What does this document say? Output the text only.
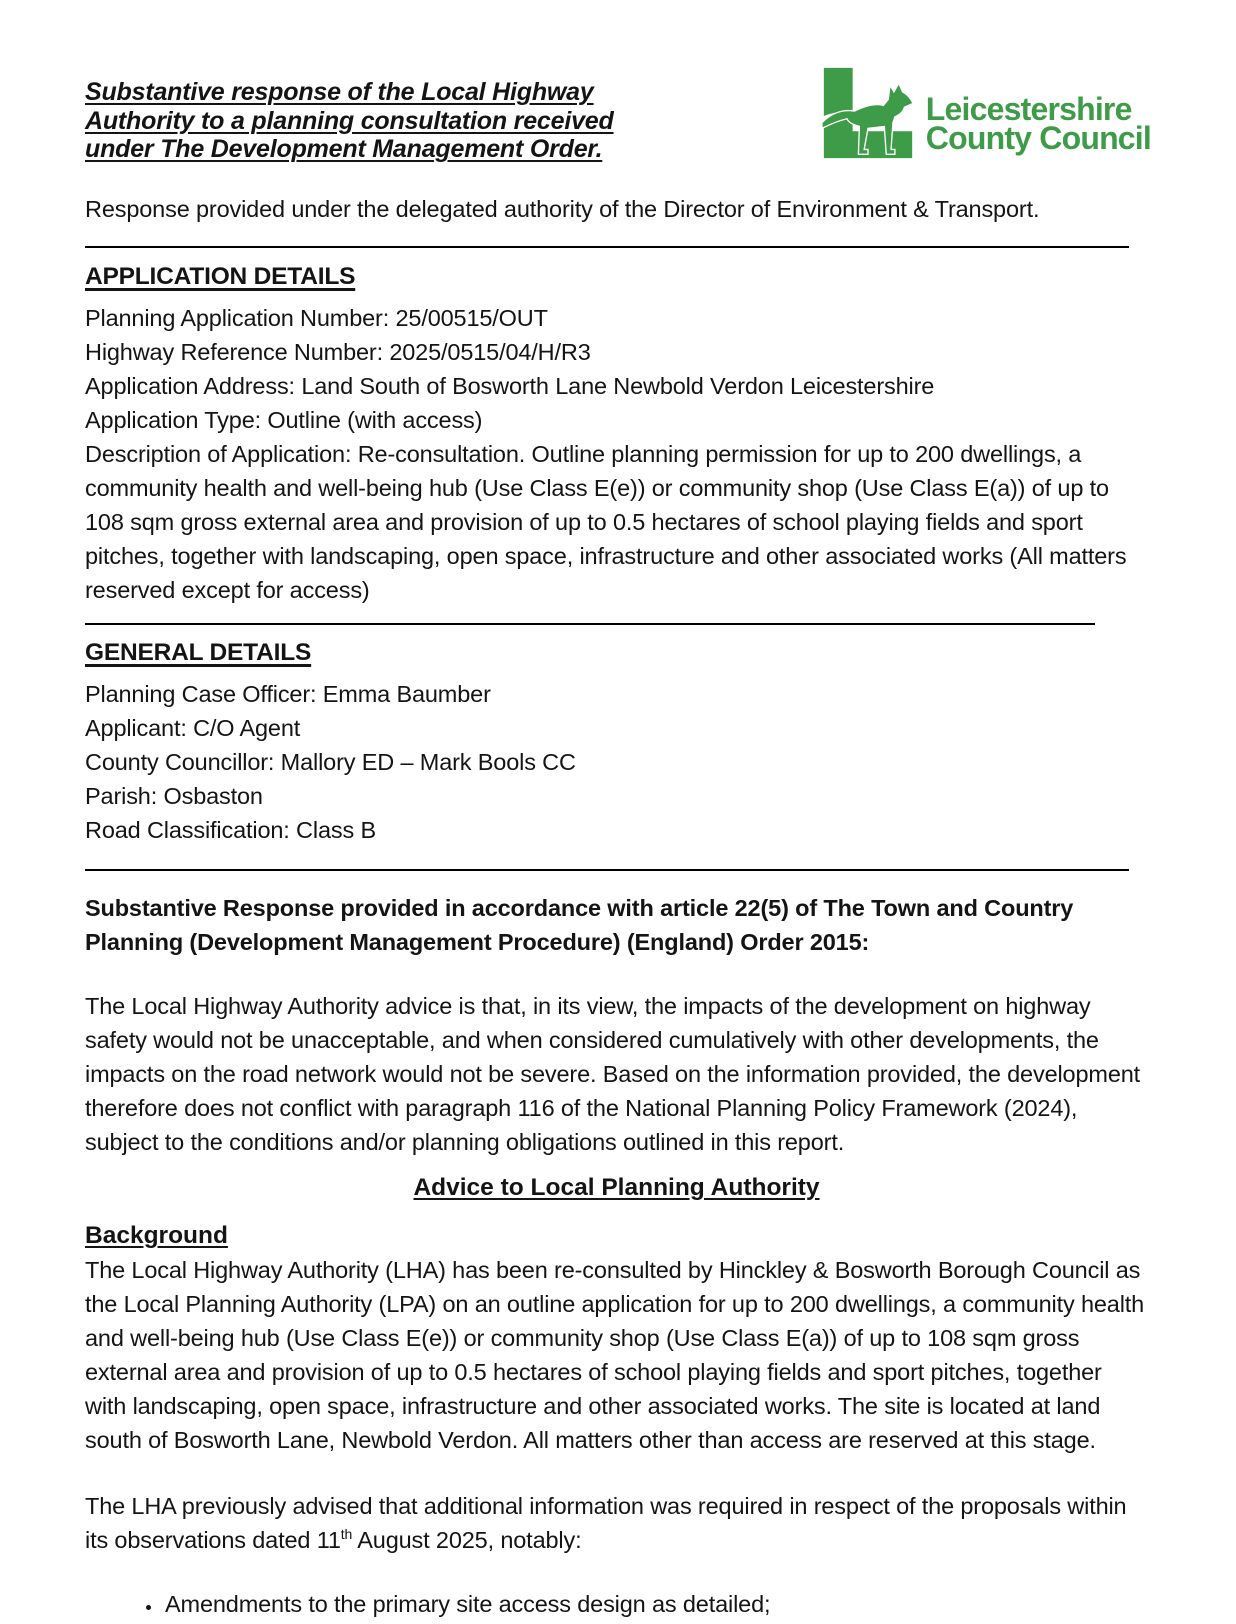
Substantive response of the Local Highway
Authority to a planning consultation received
under The Development Management Order.
Leicestershire
County Council

Response provided under the delegated authority of the Director of Environment & Transport.

APPLICATION DETAILS

Planning Application Number: 25/00515/OUT

Highway Reference Number: 2025/0515/04/H/R3

Application Address: Land South of Bosworth Lane Newbold Verdon Leicestershire

Application Type: Outline (with access)

Description of Application: Re-consultation. Outline planning permission for up to 200 dwellings, a community health and well-being hub (Use Class E(e)) or community shop (Use Class E(a)) of up to 108 sqm gross external area and provision of up to 0.5 hectares of school playing fields and sport pitches, together with landscaping, open space, infrastructure and other associated works (All matters reserved except for access)

GENERAL DETAILS

Planning Case Officer: Emma Baumber

Applicant: C/O Agent

County Councillor: Mallory ED – Mark Bools CC

Parish: Osbaston

Road Classification: Class B

Substantive Response provided in accordance with article 22(5) of The Town and Country Planning (Development Management Procedure) (England) Order 2015:

The Local Highway Authority advice is that, in its view, the impacts of the development on highway safety would not be unacceptable, and when considered cumulatively with other developments, the impacts on the road network would not be severe. Based on the information provided, the development therefore does not conflict with paragraph 116 of the National Planning Policy Framework (2024), subject to the conditions and/or planning obligations outlined in this report.

Advice to Local Planning Authority
Background

The Local Highway Authority (LHA) has been re-consulted by Hinckley & Bosworth Borough Council as the Local Planning Authority (LPA) on an outline application for up to 200 dwellings, a community health and well-being hub (Use Class E(e)) or community shop (Use Class E(a)) of up to 108 sqm gross external area and provision of up to 0.5 hectares of school playing fields and sport pitches, together with landscaping, open space, infrastructure and other associated works. The site is located at land south of Bosworth Lane, Newbold Verdon. All matters other than access are reserved at this stage.

The LHA previously advised that additional information was required in respect of the proposals within its observations dated 11th August 2025, notably:

• Amendments to the primary site access design as detailed;
